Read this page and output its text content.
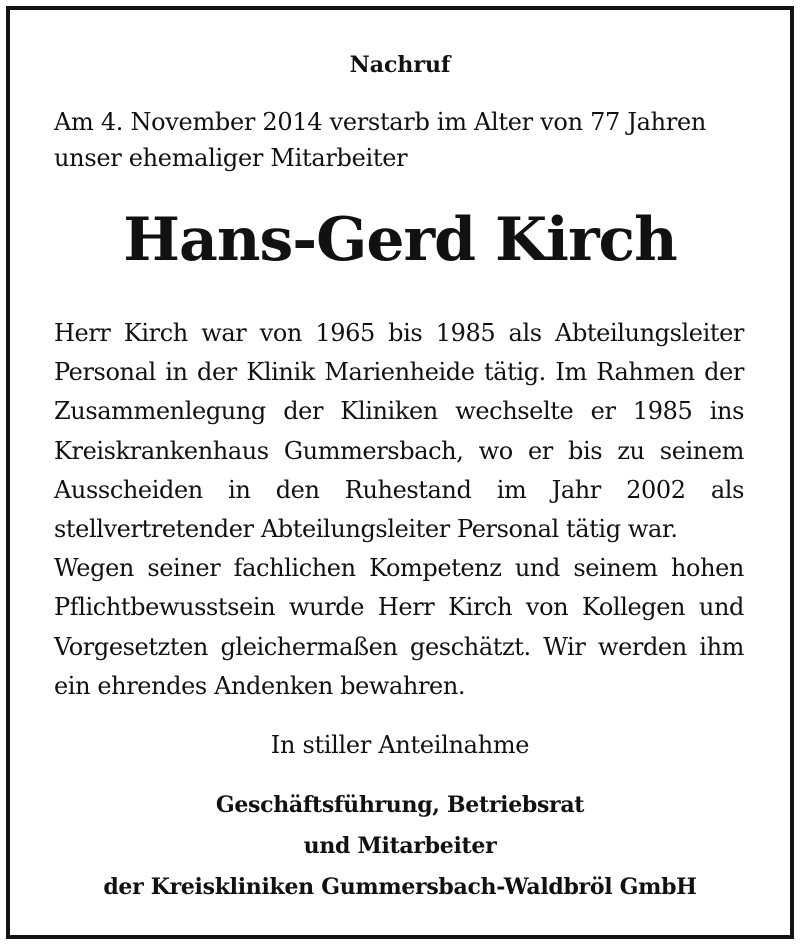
Nachruf

Am 4. November 2014 verstarb im Alter von 77 Jahren unser ehemaliger Mitarbeiter

Hans-Gerd Kirch

Herr Kirch war von 1965 bis 1985 als Abteilungsleiter Personal in der Klinik Marienheide tätig. Im Rahmen der Zusammenlegung der Kliniken wechselte er 1985 ins Kreiskrankenhaus Gummersbach, wo er bis zu seinem Ausscheiden in den Ruhestand im Jahr 2002 als stellvertretender Abteilungsleiter Personal tätig war.

Wegen seiner fachlichen Kompetenz und seinem hohen Pflichtbewusstsein wurde Herr Kirch von Kollegen und Vorgesetzten gleichermaßen geschätzt. Wir werden ihm ein ehrendes Andenken bewahren.

In stiller Anteilnahme
Geschäftsführung, Betriebsrat
und Mitarbeiter
der Kreiskliniken Gummersbach-Waldbröl GmbH
